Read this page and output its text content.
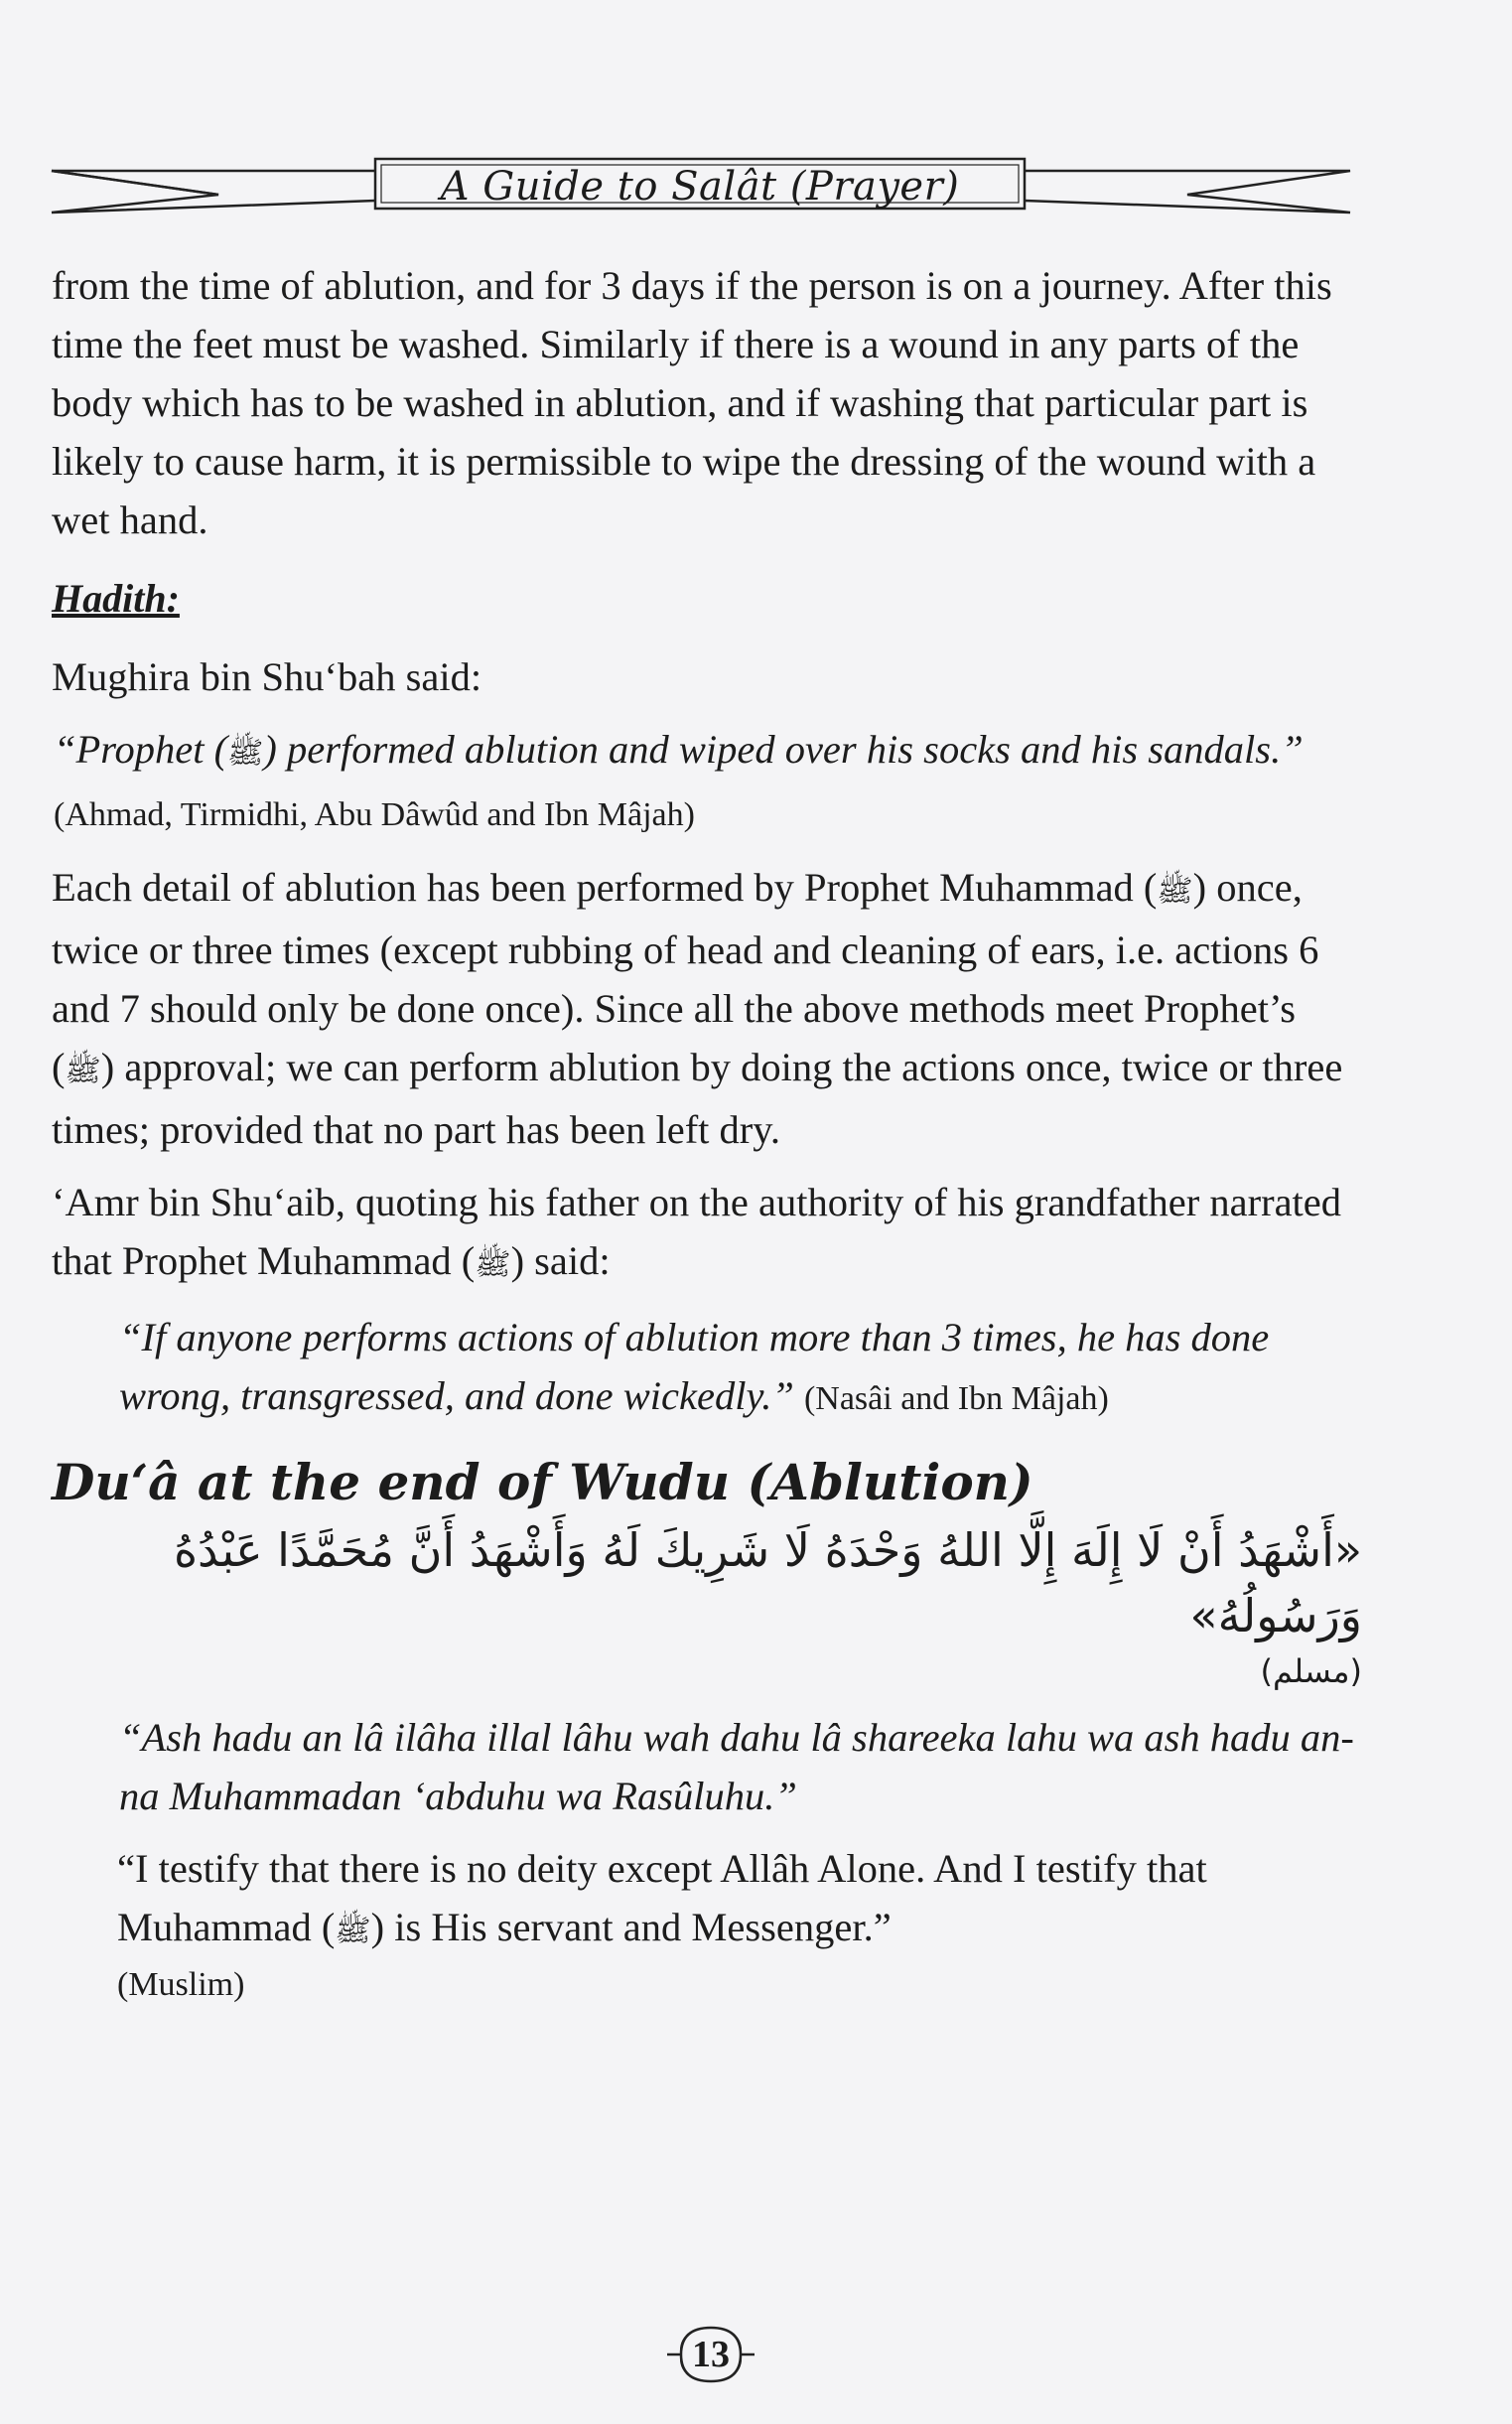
A Guide to Salât (Prayer)

from the time of ablution, and for 3 days if the person is on a journey. After this time the feet must be washed. Similarly if there is a wound in any parts of the body which has to be washed in ablution, and if washing that particular part is likely to cause harm, it is permissible to wipe the dressing of the wound with a wet hand.

Hadith:

Mughira bin Shu‘bah said:

“Prophet (ﷺ) performed ablution and wiped over his socks and his sandals.” (Ahmad, Tirmidhi, Abu Dâwûd and Ibn Mâjah)

Each detail of ablution has been performed by Prophet Muhammad (ﷺ) once, twice or three times (except rubbing of head and cleaning of ears, i.e. actions 6 and 7 should only be done once). Since all the above methods meet Prophet’s (ﷺ) approval; we can perform ablution by doing the actions once, twice or three times; provided that no part has been left dry.

‘Amr bin Shu‘aib, quoting his father on the authority of his grandfather narrated that Prophet Muhammad (ﷺ) said:

“If anyone performs actions of ablution more than 3 times, he has done wrong, transgressed, and done wickedly.” (Nasâi and Ibn Mâjah)

Du‘â at the end of Wudu (Ablution)

«أَشْهَدُ أَنْ لَا إِلَهَ إِلَّا اللهُ وَحْدَهُ لَا شَرِيكَ لَهُ وَأَشْهَدُ أَنَّ مُحَمَّدًا عَبْدُهُ وَرَسُولُهُ»

(مسلم)

“Ash hadu an lâ ilâha illal lâhu wah dahu lâ shareeka lahu wa ash hadu an-na Muhammadan ‘abduhu wa Rasûluhu.”

“I testify that there is no deity except Allâh Alone. And I testify that Muhammad (ﷺ) is His servant and Messenger.”

(Muslim)

13
